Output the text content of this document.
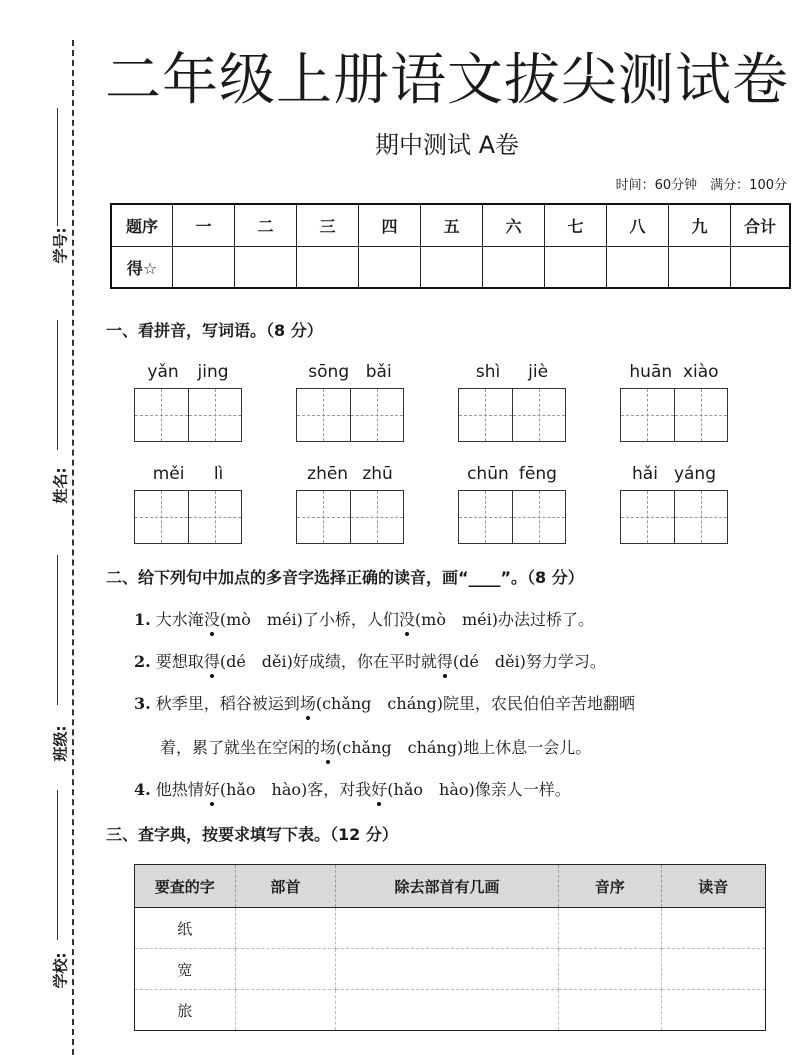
学号:
姓名:
班级:
学校:
二年级上册语文拔尖测试卷
期中测试 A卷
时间：60分钟　满分：100分
题序	一	二	三	四	五	六	七	八	九	合计
得☆										
一、看拼音，写词语。（8 分）
yǎn jing	sōng bǎi	shì jiè	huān xiào
měi lì	zhēn zhū	chūn fēng	hǎi yáng
二、给下列句中加点的多音字选择正确的读音，画“____”。（8 分）
1. 大水淹没(mò　méi)了小桥，人们没(mò　méi)办法过桥了。
2. 要想取得(dé　děi)好成绩，你在平时就得(dé　děi)努力学习。
3. 秋季里，稻谷被运到场(chǎng　cháng)院里，农民伯伯辛苦地翻晒
着，累了就坐在空闲的场(chǎng　cháng)地上休息一会儿。
4. 他热情好(hǎo　hào)客，对我好(hǎo　hào)像亲人一样。
三、查字典，按要求填写下表。（12 分）
要查的字	部首	除去部首有几画	音序	读音
纸				
宽				
旅				
